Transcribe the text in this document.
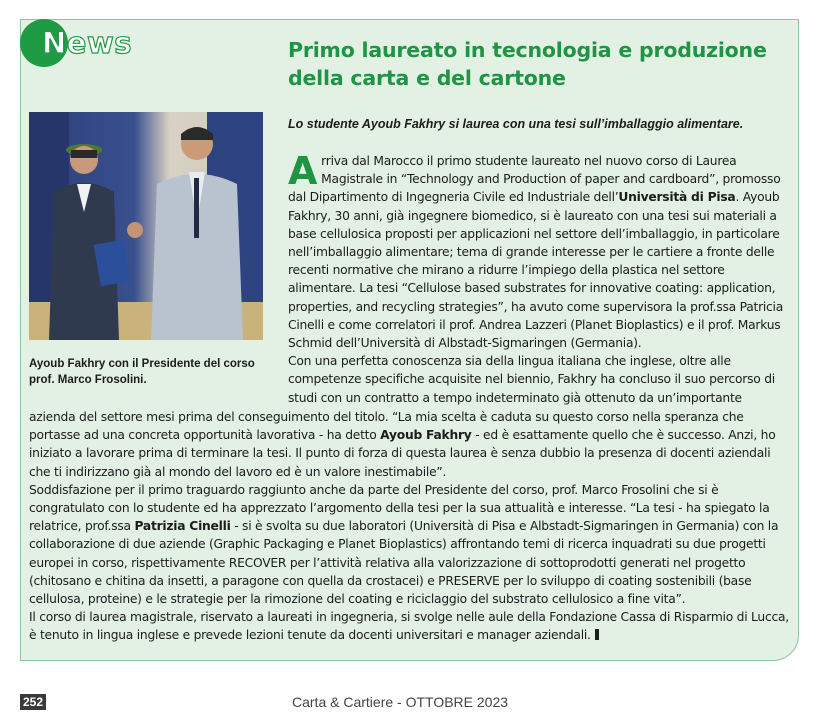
News	Primo laureato in tecnologia e produzione della carta e del cartone
Lo studente Ayoub Fakhry si laurea con una tesi sull’imballaggio alimentare.
Ayoub Fakhry con il Presidente del corso prof. Marco Frosolini.
Arriva dal Marocco il primo studente laureato nel nuovo corso di Laurea Magistrale in “Technology and Production of paper and cardboard”, promosso dal Dipartimento di Ingegneria Civile ed Industriale dell’Università di Pisa. Ayoub Fakhry, 30 anni, già ingegnere biomedico, si è laureato con una tesi sui materiali a base cellulosica proposti per applicazioni nel settore dell’imballaggio, in particolare nell’imballaggio alimentare; tema di grande interesse per le cartiere a fronte delle recenti normative che mirano a ridurre l’impiego della plastica nel settore alimentare. La tesi “Cellulose based substrates for innovative coating: application, properties, and recycling strategies”, ha avuto come supervisora la prof.ssa Patricia Cinelli e come correlatori il prof. Andrea Lazzeri (Planet Bioplastics) e il prof. Markus Schmid dell’Università di Albstadt-Sigmaringen (Germania).
Con una perfetta conoscenza sia della lingua italiana che inglese, oltre alle competenze specifiche acquisite nel biennio, Fakhry ha concluso il suo percorso di studi con un contratto a tempo indeterminato già ottenuto da un’importante
azienda del settore mesi prima del conseguimento del titolo. “La mia scelta è caduta su questo corso nella speranza che portasse ad una concreta opportunità lavorativa - ha detto Ayoub Fakhry - ed è esattamente quello che è successo. Anzi, ho iniziato a lavorare prima di terminare la tesi. Il punto di forza di questa laurea è senza dubbio la presenza di docenti aziendali che ti indirizzano già al mondo del lavoro ed è un valore inestimabile”.
Soddisfazione per il primo traguardo raggiunto anche da parte del Presidente del corso, prof. Marco Frosolini che si è congratulato con lo studente ed ha apprezzato l’argomento della tesi per la sua attualità e interesse. “La tesi - ha spiegato la relatrice, prof.ssa Patrizia Cinelli - si è svolta su due laboratori (Università di Pisa e Albstadt-Sigmaringen in Germania) con la collaborazione di due aziende (Graphic Packaging e Planet Bioplastics) affrontando temi di ricerca inquadrati su due progetti europei in corso, rispettivamente RECOVER per l’attività relativa alla valorizzazione di sottoprodotti generati nel progetto (chitosano e chitina da insetti, a paragone con quella da crostacei) e PRESERVE per lo sviluppo di coating sostenibili (base cellulosa, proteine) e le strategie per la rimozione del coating e riciclaggio del substrato cellulosico a fine vita”.
Il corso di laurea magistrale, riservato a laureati in ingegneria, si svolge nelle aule della Fondazione Cassa di Risparmio di Lucca, è tenuto in lingua inglese e prevede lezioni tenute da docenti universitari e manager aziendali.
252	Carta & Cartiere - OTTOBRE 2023
